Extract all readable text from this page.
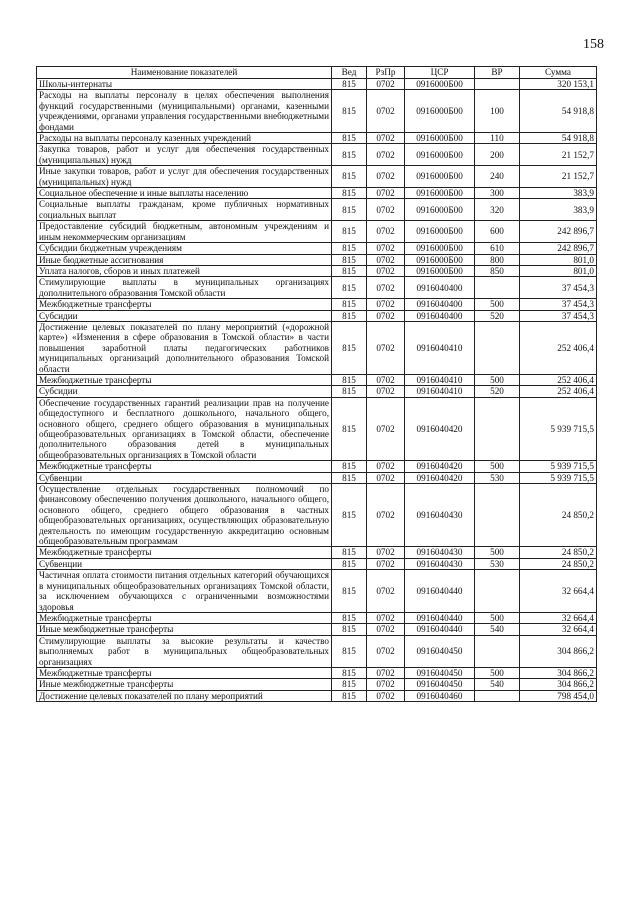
158
Наименование показателей	Вед	РзПр	ЦСР	ВР	Сумма
Школы-интернаты	815	0702	0916000Б00		320 153,1
Расходы на выплаты персоналу в целях обеспечения выполнения функций государственными (муниципальными) органами, казенными учреждениями, органами управления государственными внебюджетными фондами	815	0702	0916000Б00	100	54 918,8
Расходы на выплаты персоналу казенных учреждений	815	0702	0916000Б00	110	54 918,8
Закупка товаров, работ и услуг для обеспечения государственных (муниципальных) нужд	815	0702	0916000Б00	200	21 152,7
Иные закупки товаров, работ и услуг для обеспечения государственных (муниципальных) нужд	815	0702	0916000Б00	240	21 152,7
Социальное обеспечение и иные выплаты населению	815	0702	0916000Б00	300	383,9
Социальные выплаты гражданам, кроме публичных нормативных социальных выплат	815	0702	0916000Б00	320	383,9
Предоставление субсидий бюджетным, автономным учреждениям и иным некоммерческим организациям	815	0702	0916000Б00	600	242 896,7
Субсидии бюджетным учреждениям	815	0702	0916000Б00	610	242 896,7
Иные бюджетные ассигнования	815	0702	0916000Б00	800	801,0
Уплата налогов, сборов и иных платежей	815	0702	0916000Б00	850	801,0
Стимулирующие выплаты в муниципальных организациях дополнительного образования Томской области	815	0702	0916040400		37 454,3
Межбюджетные трансферты	815	0702	0916040400	500	37 454,3
Субсидии	815	0702	0916040400	520	37 454,3
Достижение целевых показателей по плану мероприятий («дорожной карте») «Изменения в сфере образования в Томской области» в части повышения заработной платы педагогических работников муниципальных организаций дополнительного образования Томской области	815	0702	0916040410		252 406,4
Межбюджетные трансферты	815	0702	0916040410	500	252 406,4
Субсидии	815	0702	0916040410	520	252 406,4
Обеспечение государственных гарантий реализации прав на получение общедоступного и бесплатного дошкольного, начального общего, основного общего, среднего общего образования в муниципальных общеобразовательных организациях в Томской области, обеспечение дополнительного образования детей в муниципальных общеобразовательных организациях в Томской области	815	0702	0916040420		5 939 715,5
Межбюджетные трансферты	815	0702	0916040420	500	5 939 715,5
Субвенции	815	0702	0916040420	530	5 939 715,5
Осуществление отдельных государственных полномочий по финансовому обеспечению получения дошкольного, начального общего, основного общего, среднего общего образования в частных общеобразовательных организациях, осуществляющих образовательную деятельность по имеющим государственную аккредитацию основным общеобразовательным программам	815	0702	0916040430		24 850,2
Межбюджетные трансферты	815	0702	0916040430	500	24 850,2
Субвенции	815	0702	0916040430	530	24 850,2
Частичная оплата стоимости питания отдельных категорий обучающихся в муниципальных общеобразовательных организациях Томской области, за исключением обучающихся с ограниченными возможностями здоровья	815	0702	0916040440		32 664,4
Межбюджетные трансферты	815	0702	0916040440	500	32 664,4
Иные межбюджетные трансферты	815	0702	0916040440	540	32 664,4
Стимулирующие выплаты за высокие результаты и качество выполняемых работ в муниципальных общеобразовательных организациях	815	0702	0916040450		304 866,2
Межбюджетные трансферты	815	0702	0916040450	500	304 866,2
Иные межбюджетные трансферты	815	0702	0916040450	540	304 866,2
Достижение целевых показателей по плану мероприятий	815	0702	0916040460		798 454,0
